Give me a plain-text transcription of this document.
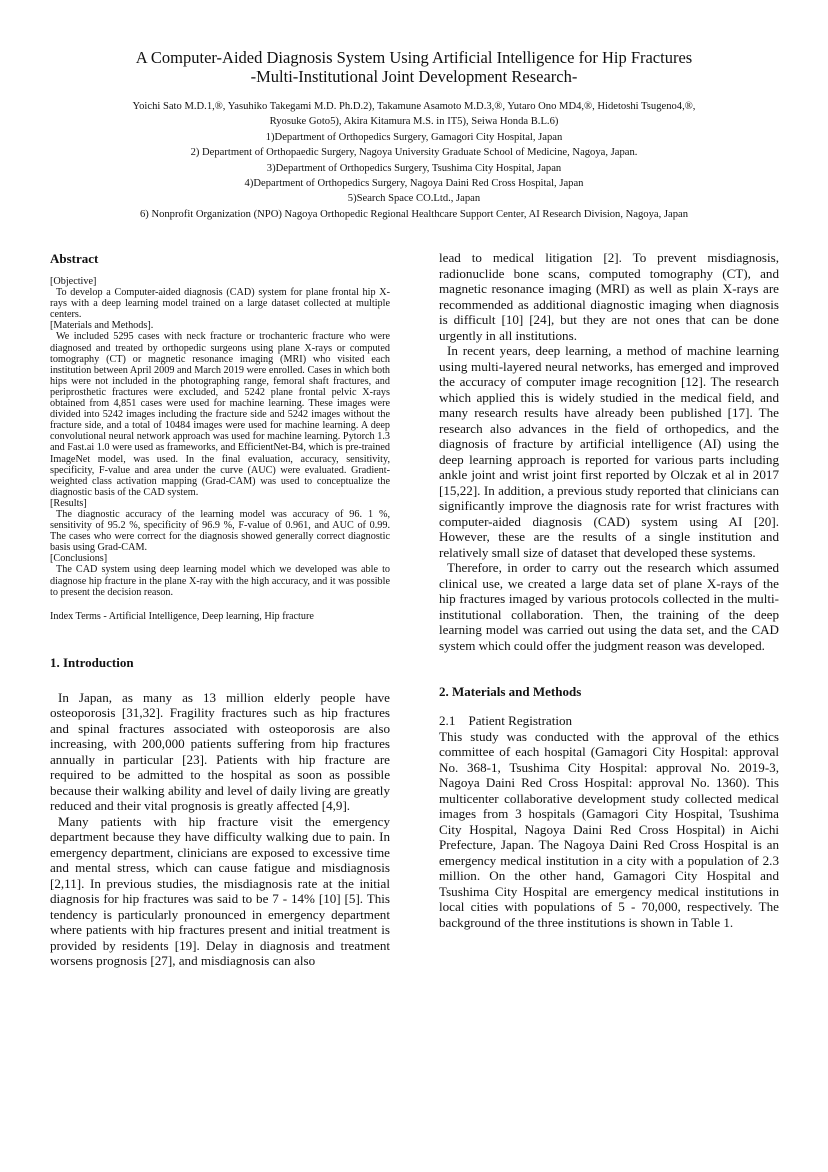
A Computer-Aided Diagnosis System Using Artificial Intelligence for Hip Fractures
-Multi-Institutional Joint Development Research-
Yoichi Sato M.D.1,®, Yasuhiko Takegami M.D. Ph.D.2), Takamune Asamoto M.D.3,®, Yutaro Ono MD4,®, Hidetoshi Tsugeno4,®,
Ryosuke Goto5), Akira Kitamura M.S. in IT5), Seiwa Honda B.L.6)
1)Department of Orthopedics Surgery, Gamagori City Hospital, Japan
2) Department of Orthopaedic Surgery, Nagoya University Graduate School of Medicine, Nagoya, Japan.
3)Department of Orthopedics Surgery, Tsushima City Hospital, Japan
4)Department of Orthopedics Surgery, Nagoya Daini Red Cross Hospital, Japan
5)Search Space CO.Ltd., Japan
6) Nonprofit Organization (NPO) Nagoya Orthopedic Regional Healthcare Support Center, AI Research Division, Nagoya, Japan
Abstract
[Objective]
To develop a Computer-aided diagnosis (CAD) system for plane frontal hip X-rays with a deep learning model trained on a large dataset collected at multiple centers.
[Materials and Methods].
We included 5295 cases with neck fracture or trochanteric fracture who were diagnosed and treated by orthopedic surgeons using plane X-rays or computed tomography (CT) or magnetic resonance imaging (MRI) who visited each institution between April 2009 and March 2019 were enrolled. Cases in which both hips were not included in the photographing range, femoral shaft fractures, and periprosthetic fractures were excluded, and 5242 plane frontal pelvic X-rays obtained from 4,851 cases were used for machine learning. These images were divided into 5242 images including the fracture side and 5242 images without the fracture side, and a total of 10484 images were used for machine learning. A deep convolutional neural network approach was used for machine learning. Pytorch 1.3 and Fast.ai 1.0 were used as frameworks, and EfficientNet-B4, which is pre-trained ImageNet model, was used. In the final evaluation, accuracy, sensitivity, specificity, F-value and area under the curve (AUC) were evaluated. Gradient-weighted class activation mapping (Grad-CAM) was used to conceptualize the diagnostic basis of the CAD system.
[Results]
The diagnostic accuracy of the learning model was accuracy of 96. 1 %, sensitivity of 95.2 %, specificity of 96.9 %, F-value of 0.961, and AUC of 0.99. The cases who were correct for the diagnosis showed generally correct diagnostic basis using Grad-CAM.
[Conclusions]
The CAD system using deep learning model which we developed was able to diagnose hip fracture in the plane X-ray with the high accuracy, and it was possible to present the decision reason.
Index Terms - Artificial Intelligence, Deep learning, Hip fracture
1. Introduction
In Japan, as many as 13 million elderly people have osteoporosis [31,32]. Fragility fractures such as hip fractures and spinal fractures associated with osteoporosis are also increasing, with 200,000 patients suffering from hip fractures annually in particular [23]. Patients with hip fracture are required to be admitted to the hospital as soon as possible because their walking ability and level of daily living are greatly reduced and their vital prognosis is greatly affected [4,9].
Many patients with hip fracture visit the emergency department because they have difficulty walking due to pain. In emergency department, clinicians are exposed to excessive time and mental stress, which can cause fatigue and misdiagnosis [2,11]. In previous studies, the misdiagnosis rate at the initial diagnosis for hip fractures was said to be 7 - 14% [10] [5]. This tendency is particularly pronounced in emergency department where patients with hip fractures present and initial treatment is provided by residents [19]. Delay in diagnosis and treatment worsens prognosis [27], and misdiagnosis can also
lead to medical litigation [2]. To prevent misdiagnosis, radionuclide bone scans, computed tomography (CT), and magnetic resonance imaging (MRI) as well as plain X-rays are recommended as additional diagnostic imaging when diagnosis is difficult [10] [24], but they are not ones that can be done urgently in all institutions.
In recent years, deep learning, a method of machine learning using multi-layered neural networks, has emerged and improved the accuracy of computer image recognition [12]. The research which applied this is widely studied in the medical field, and many research results have already been published [17]. The research also advances in the field of orthopedics, and the diagnosis of fracture by artificial intelligence (AI) using the deep learning approach is reported for various parts including ankle joint and wrist joint first reported by Olczak et al in 2017 [15,22]. In addition, a previous study reported that clinicians can significantly improve the diagnosis rate for wrist fractures with computer-aided diagnosis (CAD) system using AI [20]. However, these are the results of a single institution and relatively small size of dataset that developed these systems.
Therefore, in order to carry out the research which assumed clinical use, we created a large data set of plane X-rays of the hip fractures imaged by various protocols collected in the multi-institutional collaboration. Then, the training of the deep learning model was carried out using the data set, and the CAD system which could offer the judgment reason was developed.
2. Materials and Methods
2.1    Patient Registration
This study was conducted with the approval of the ethics committee of each hospital (Gamagori City Hospital: approval No. 368-1, Tsushima City Hospital: approval No. 2019-3, Nagoya Daini Red Cross Hospital: approval No. 1360). This multicenter collaborative development study collected medical images from 3 hospitals (Gamagori City Hospital, Tsushima City Hospital, Nagoya Daini Red Cross Hospital) in Aichi Prefecture, Japan. The Nagoya Daini Red Cross Hospital is an emergency medical institution in a city with a population of 2.3 million. On the other hand, Gamagori City Hospital and Tsushima City Hospital are emergency medical institutions in local cities with populations of 5 - 70,000, respectively. The background of the three institutions is shown in Table 1.
